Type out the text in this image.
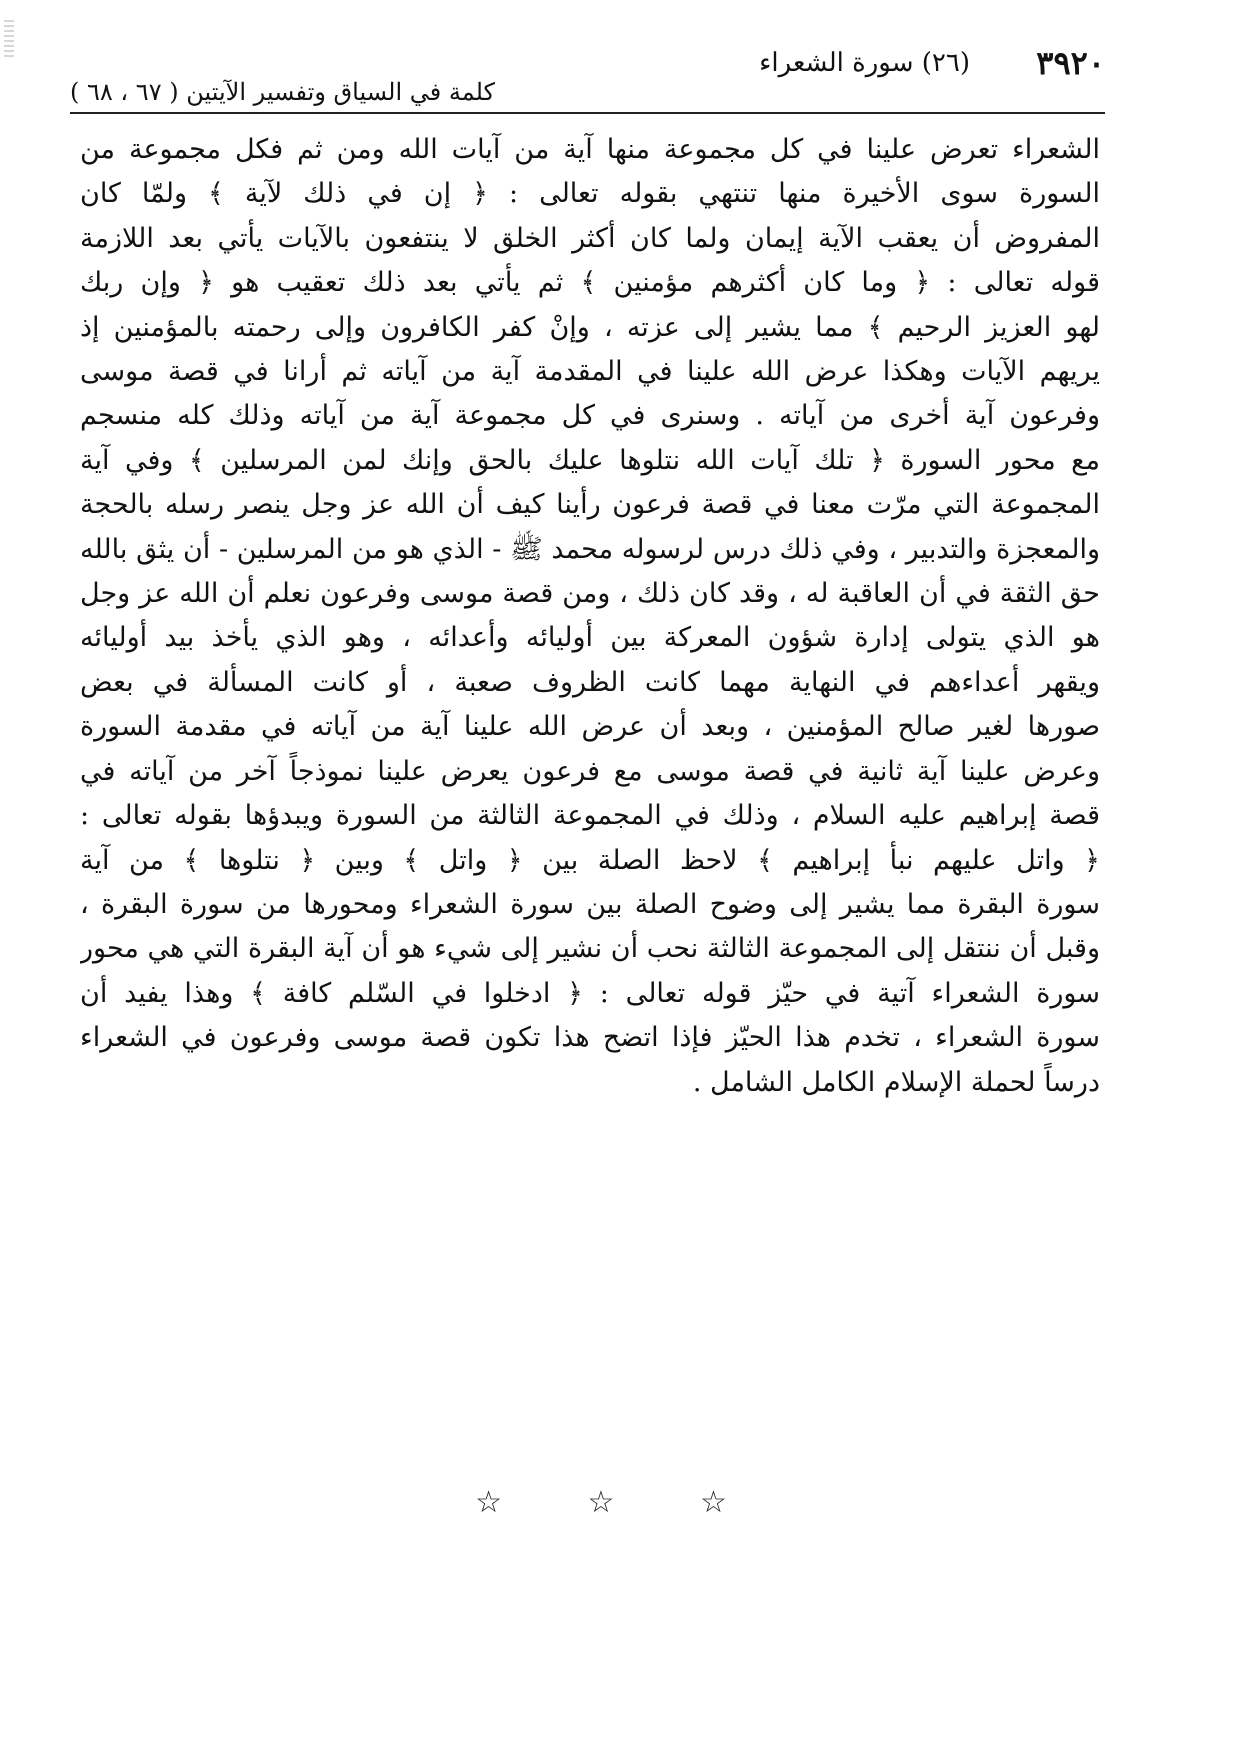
٣٩٢٠
(٢٦) سورة الشعراء
كلمة في السياق وتفسير الآيتين ( ٦٧ ، ٦٨ )
الشعراء تعرض علينا في كل مجموعة منها آية من آيات الله ومن ثم فكل مجموعة من
السورة سوى الأخيرة منها تنتهي بقوله تعالى : ﴿ إن في ذلك لآية ﴾ ولمّا كان
المفروض أن يعقب الآية إيمان ولما كان أكثر الخلق لا ينتفعون بالآيات يأتي بعد اللازمة
قوله تعالى : ﴿ وما كان أكثرهم مؤمنين ﴾ ثم يأتي بعد ذلك تعقيب هو ﴿ وإن ربك
لهو العزيز الرحيم ﴾ مما يشير إلى عزته ، وإنْ كفر الكافرون وإلى رحمته بالمؤمنين إذ
يريهم الآيات وهكذا عرض الله علينا في المقدمة آية من آياته ثم أرانا في قصة موسى
وفرعون آية أخرى من آياته . وسنرى في كل مجموعة آية من آياته وذلك كله منسجم
مع محور السورة ﴿ تلك آيات الله نتلوها عليك بالحق وإنك لمن المرسلين ﴾ وفي آية
المجموعة التي مرّت معنا في قصة فرعون رأينا كيف أن الله عز وجل ينصر رسله بالحجة
والمعجزة والتدبير ، وفي ذلك درس لرسوله محمد ﷺ - الذي هو من المرسلين - أن يثق بالله
حق الثقة في أن العاقبة له ، وقد كان ذلك ، ومن قصة موسى وفرعون نعلم أن الله عز وجل
هو الذي يتولى إدارة شؤون المعركة بين أوليائه وأعدائه ، وهو الذي يأخذ بيد أوليائه
ويقهر أعداءهم في النهاية مهما كانت الظروف صعبة ، أو كانت المسألة في بعض
صورها لغير صالح المؤمنين ، وبعد أن عرض الله علينا آية من آياته في مقدمة السورة
وعرض علينا آية ثانية في قصة موسى مع فرعون يعرض علينا نموذجاً آخر من آياته في
قصة إبراهيم عليه السلام ، وذلك في المجموعة الثالثة من السورة ويبدؤها بقوله تعالى :
﴿ واتل عليهم نبأ إبراهيم ﴾ لاحظ الصلة بين ﴿ واتل ﴾ وبين ﴿ نتلوها ﴾ من آية
سورة البقرة مما يشير إلى وضوح الصلة بين سورة الشعراء ومحورها من سورة البقرة ،
وقبل أن ننتقل إلى المجموعة الثالثة نحب أن نشير إلى شيء هو أن آية البقرة التي هي محور
سورة الشعراء آتية في حيّز قوله تعالى : ﴿ ادخلوا في السّلم كافة ﴾ وهذا يفيد أن
سورة الشعراء ، تخدم هذا الحيّز فإذا اتضح هذا تكون قصة موسى وفرعون في الشعراء
درساً لحملة الإسلام الكامل الشامل .
☆ ☆ ☆
